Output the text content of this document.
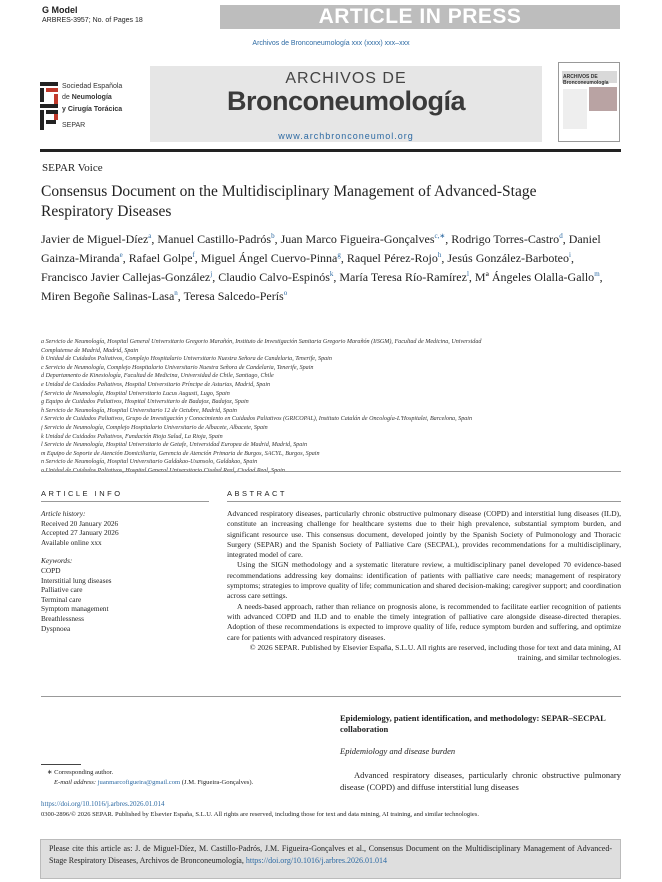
G Model
ARBRES-3957; No. of Pages 18	ARTICLE IN PRESS
Archivos de Bronconeumología xxx (xxxx) xxx–xxx
Sociedad Española
de Neumología
y Cirugía Torácica
SEPAR
ARCHIVOS DE
Bronconeumología
www.archbronconeumol.org
ARCHIVOS DE Bronconeumología
SEPAR Voice
Consensus Document on the Multidisciplinary Management of Advanced-Stage Respiratory Diseases
Javier de Miguel-Díez$^a$, Manuel Castillo-Padrós$^b$, Juan Marco Figueira-Gonçalves$^{c,∗}$, Rodrigo Torres-Castro$^d$, Daniel Gainza-Miranda$^e$, Rafael Golpe$^f$, Miguel Ángel Cuervo-Pinna$^g$, Raquel Pérez-Rojo$^h$, Jesús González-Barboteo$^i$, Francisco Javier Callejas-González$^j$, Claudio Calvo-Espinós$^k$, María Teresa Río-Ramírez$^l$, Mª Ángeles Olalla-Gallo$^m$, Miren Begoñe Salinas-Lasa$^n$, Teresa Salcedo-Perís$^o$
a Servicio de Neumología, Hospital General Universitario Gregorio Marañón, Instituto de Investigación Sanitaria Gregorio Marañón (IiSGM), Facultad de Medicina, Universidad
Complutense de Madrid, Madrid, Spain
b Unidad de Cuidados Paliativos, Complejo Hospitalario Universitario Nuestra Señora de Candelaria, Tenerife, Spain
c Servicio de Neumología, Complejo Hospitalario Universitario Nuestra Señora de Candelaria, Tenerife, Spain
d Departamento de Kinesiología, Facultad de Medicina, Universidad de Chile, Santiago, Chile
e Unidad de Cuidados Paliativos, Hospital Universitario Príncipe de Asturias, Madrid, Spain
f Servicio de Neumología, Hospital Universitario Lucus Augusti, Lugo, Spain
g Equipo de Cuidados Paliativos, Hospital Universitario de Badajoz, Badajoz, Spain
h Servicio de Neumología, Hospital Universitario 12 de Octubre, Madrid, Spain
i Servicio de Cuidados Paliativos, Grupo de Investigación y Conocimiento en Cuidados Paliativos (GRICOPAL), Instituto Catalán de Oncología-L'Hospitalet, Barcelona, Spain
j Servicio de Neumología, Complejo Hospitalario Universitario de Albacete, Albacete, Spain
k Unidad de Cuidados Paliativos, Fundación Rioja Salud, La Rioja, Spain
l Servicio de Neumología, Hospital Universitario de Getafe, Universidad Europea de Madrid, Madrid, Spain
m Equipo de Soporte de Atención Domiciliaria, Gerencia de Atención Primaria de Burgos, SACYL, Burgos, Spain
n Servicio de Neumología, Hospital Universitario Galdakao-Usansolo, Galdakao, Spain
ARTICLE INFO
Article history:
Received 20 January 2026
Accepted 27 January 2026
Available online xxx
Keywords:
COPD
Interstitial lung diseases
Palliative care
Terminal care
Symptom management
Breathlessness
Dyspnoea
ABSTRACT

Advanced respiratory diseases, particularly chronic obstructive pulmonary disease (COPD) and interstitial lung diseases (ILD), constitute an increasing challenge for healthcare systems due to their high prevalence, substantial symptom burden, and significant resource use. This consensus document, developed jointly by the Spanish Society of Pulmonology and Thoracic Surgery (SEPAR) and the Spanish Society of Palliative Care (SECPAL), provides recommendations for a multidisciplinary, integrated model of care.

Using the SIGN methodology and a systematic literature review, a multidisciplinary panel developed 70 evidence-based recommendations addressing key domains: identification of patients with palliative care needs; management of respiratory symptoms; strategies to improve quality of life; communication and shared decision-making; caregiver support; and coordination across care settings.

A needs-based approach, rather than reliance on prognosis alone, is recommended to facilitate earlier recognition of patients with advanced COPD and ILD and to enable the timely integration of palliative care alongside disease-directed therapies. Adoption of these recommendations is expected to improve quality of life, reduce symptom burden and suffering, and optimize care for patients with advanced respiratory diseases.

© 2026 SEPAR. Published by Elsevier España, S.L.U. All rights are reserved, including those for text and data mining, AI training, and similar technologies.

Epidemiology, patient identification, and methodology: SEPAR–SECPAL collaboration
Epidemiology and disease burden
Advanced respiratory diseases, particularly chronic obstructive pulmonary disease (COPD) and diffuse interstitial lung diseases
∗ Corresponding author.
E-mail address: juanmarcofigueira@gmail.com (J.M. Figueira-Gonçalves).
https://doi.org/10.1016/j.arbres.2026.01.014
0300-2896/© 2026 SEPAR. Published by Elsevier España, S.L.U. All rights are reserved, including those for text and data mining, AI training, and similar technologies.
Please cite this article as: J. de Miguel-Díez, M. Castillo-Padrós, J.M. Figueira-Gonçalves et al., Consensus Document on the Multidisciplinary Management of Advanced-Stage Respiratory Diseases, Archivos de Bronconeumología, https://doi.org/10.1016/j.arbres.2026.01.014
